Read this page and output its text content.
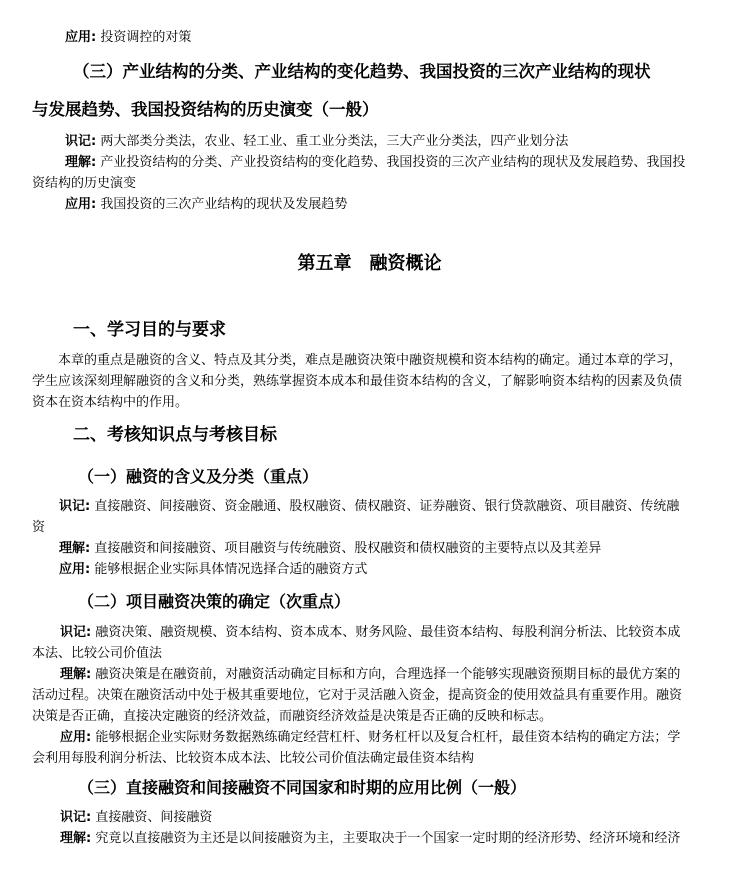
应用: 投资调控的对策
（三）产业结构的分类、产业结构的变化趋势、我国投资的三次产业结构的现状
与发展趋势、我国投资结构的历史演变（一般）
识记: 两大部类分类法，农业、轻工业、重工业分类法，三大产业分类法，四产业划分法
理解: 产业投资结构的分类、产业投资结构的变化趋势、我国投资的三次产业结构的现状及发展趋势、我国投
资结构的历史演变
应用: 我国投资的三次产业结构的现状及发展趋势
第五章　融资概论
一、学习目的与要求
本章的重点是融资的含义、特点及其分类，难点是融资决策中融资规模和资本结构的确定。通过本章的学习，
学生应该深刻理解融资的含义和分类，熟练掌握资本成本和最佳资本结构的含义，了解影响资本结构的因素及负债
资本在资本结构中的作用。
二、考核知识点与考核目标
（一）融资的含义及分类（重点）
识记: 直接融资、间接融资、资金融通、股权融资、债权融资、证券融资、银行贷款融资、项目融资、传统融
资
理解: 直接融资和间接融资、项目融资与传统融资、股权融资和债权融资的主要特点以及其差异
应用: 能够根据企业实际具体情况选择合适的融资方式
（二）项目融资决策的确定（次重点）
识记: 融资决策、融资规模、资本结构、资本成本、财务风险、最佳资本结构、每股利润分析法、比较资本成
本法、比较公司价值法
理解: 融资决策是在融资前，对融资活动确定目标和方向，合理选择一个能够实现融资预期目标的最优方案的
活动过程。决策在融资活动中处于极其重要地位，它对于灵活融入资金，提高资金的使用效益具有重要作用。融资
决策是否正确，直接决定融资的经济效益，而融资经济效益是决策是否正确的反映和标志。
应用: 能够根据企业实际财务数据熟练确定经营杠杆、财务杠杆以及复合杠杆，最佳资本结构的确定方法；学
会利用每股利润分析法、比较资本成本法、比较公司价值法确定最佳资本结构
（三）直接融资和间接融资不同国家和时期的应用比例（一般）
识记: 直接融资、间接融资
理解: 究竟以直接融资为主还是以间接融资为主，主要取决于一个国家一定时期的经济形势、经济环境和经济
